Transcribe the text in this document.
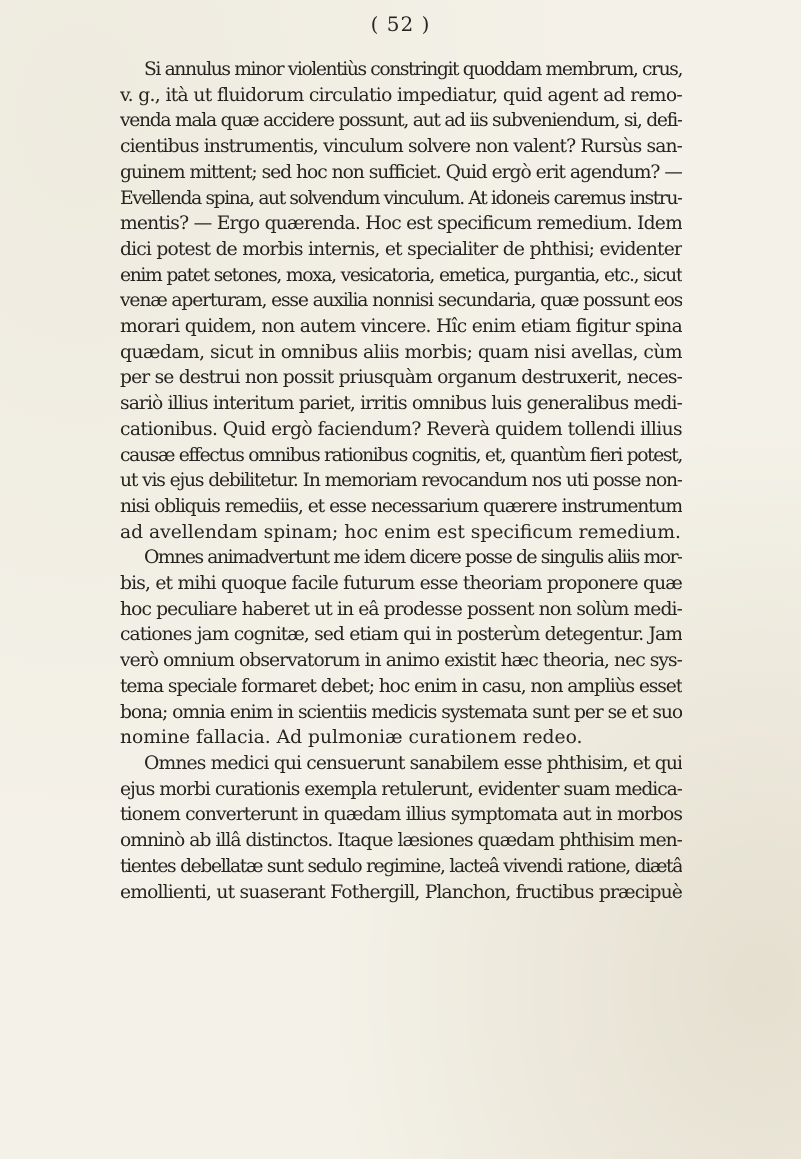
( 52 )
Si annulus minor violentiùs constringit quoddam membrum, crus,
v. g., ità ut fluidorum circulatio impediatur, quid agent ad remo-
venda mala quæ accidere possunt, aut ad iis subveniendum, si, defi-
cientibus instrumentis, vinculum solvere non valent? Rursùs san-
guinem mittent; sed hoc non sufficiet. Quid ergò erit agendum? —
Evellenda spina, aut solvendum vinculum. At idoneis caremus instru-
mentis? — Ergo quærenda. Hoc est specificum remedium. Idem
dici potest de morbis internis, et specialiter de phthisi; evidenter
enim patet setones, moxa, vesicatoria, emetica, purgantia, etc., sicut
venæ aperturam, esse auxilia nonnisi secundaria, quæ possunt eos
morari quidem, non autem vincere. Hîc enim etiam figitur spina
quædam, sicut in omnibus aliis morbis; quam nisi avellas, cùm
per se destrui non possit priusquàm organum destruxerit, neces-
sariò illius interitum pariet, irritis omnibus luis generalibus medi-
cationibus. Quid ergò faciendum? Reverà quidem tollendi illius
causæ effectus omnibus rationibus cognitis, et, quantùm fieri potest,
ut vis ejus debilitetur. In memoriam revocandum nos uti posse non-
nisi obliquis remediis, et esse necessarium quærere instrumentum
ad avellendam spinam; hoc enim est specificum remedium.
Omnes animadvertunt me idem dicere posse de singulis aliis mor-
bis, et mihi quoque facile futurum esse theoriam proponere quæ
hoc peculiare haberet ut in eâ prodesse possent non solùm medi-
cationes jam cognitæ, sed etiam qui in posterùm detegentur. Jam
verò omnium observatorum in animo existit hæc theoria, nec sys-
tema speciale formaret debet; hoc enim in casu, non ampliùs esset
bona; omnia enim in scientiis medicis systemata sunt per se et suo
nomine fallacia. Ad pulmoniæ curationem redeo.
Omnes medici qui censuerunt sanabilem esse phthisim, et qui
ejus morbi curationis exempla retulerunt, evidenter suam medica-
tionem converterunt in quædam illius symptomata aut in morbos
omninò ab illâ distinctos. Itaque læsiones quædam phthisim men-
tientes debellatæ sunt sedulo regimine, lacteâ vivendi ratione, diætâ
emollienti, ut suaserant Fothergill, Planchon, fructibus præcipuè
